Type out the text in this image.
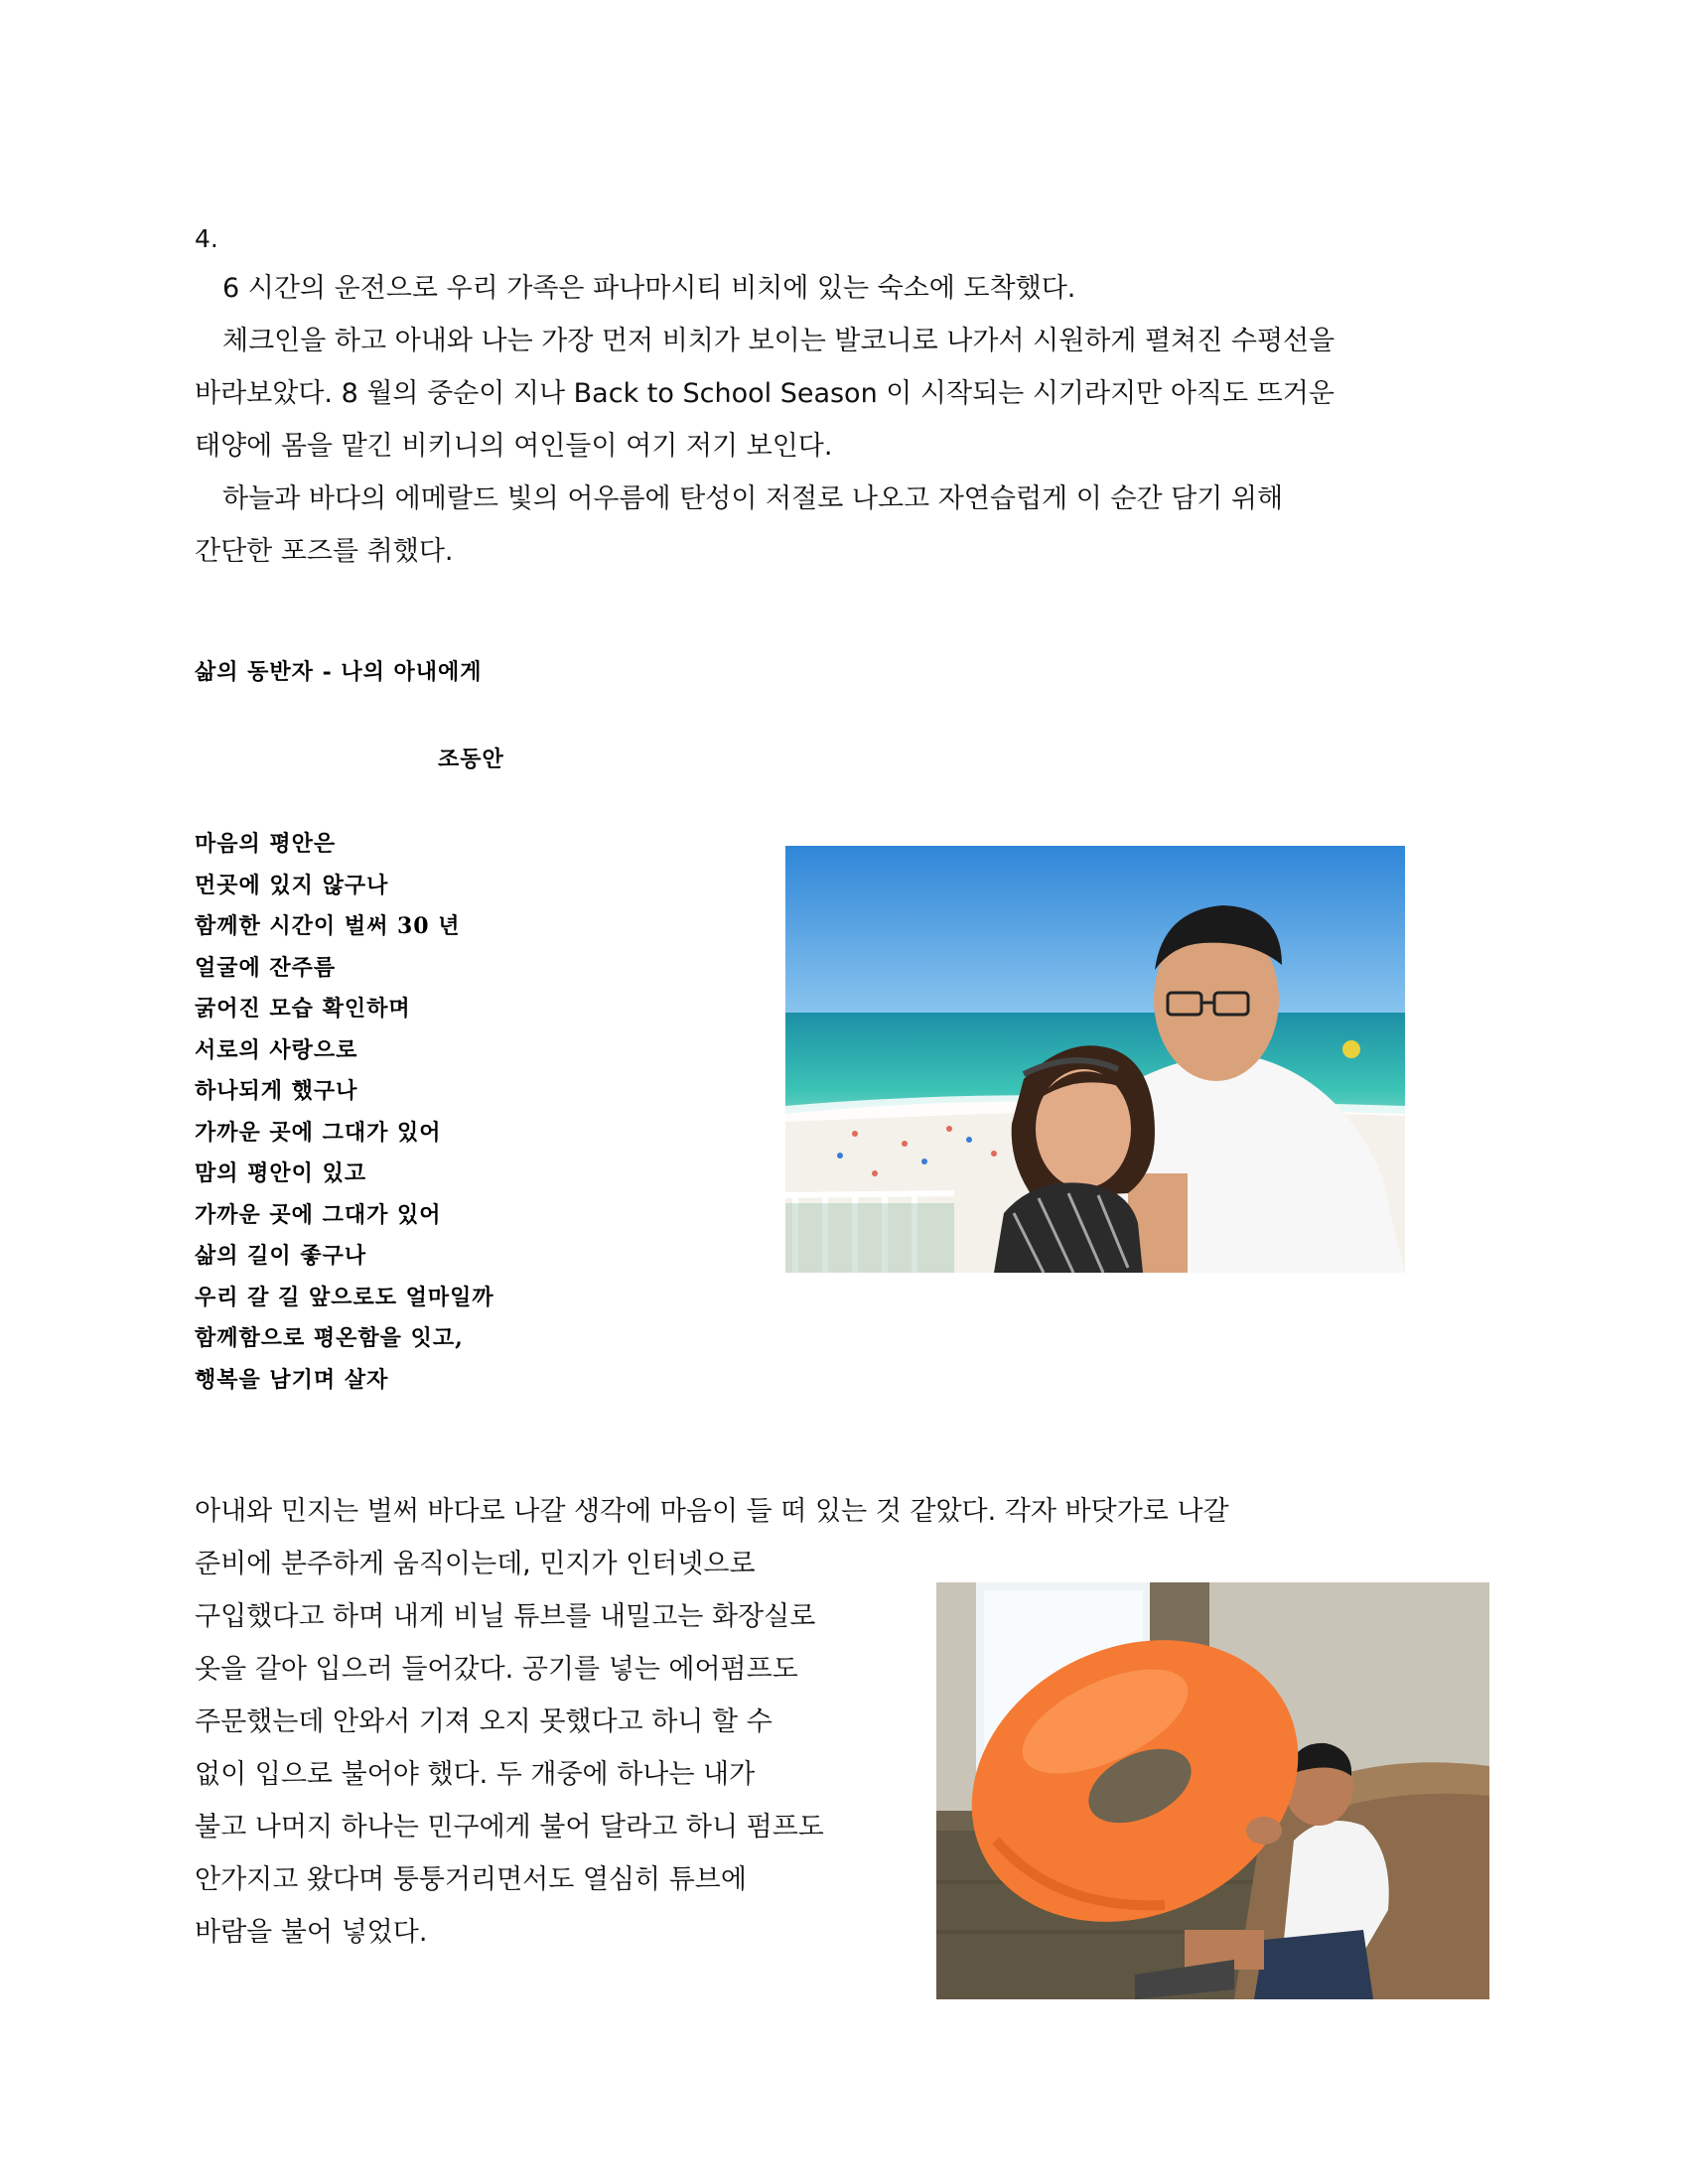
4.

6 시간의 운전으로 우리 가족은 파나마시티 비치에 있는 숙소에 도착했다.

체크인을 하고 아내와 나는 가장 먼저 비치가 보이는 발코니로 나가서 시원하게 펼쳐진 수평선을

바라보았다. 8 월의 중순이 지나 Back to School Season 이 시작되는 시기라지만 아직도 뜨거운

태양에 몸을 맡긴 비키니의 여인들이 여기 저기 보인다.

하늘과 바다의 에메랄드 빛의 어우름에 탄성이 저절로 나오고 자연습럽게 이 순간 담기 위해

간단한 포즈를 취했다.

삶의 동반자 - 나의 아내에게
조동안
마음의 평안은
먼곳에 있지 않구나
함께한 시간이 벌써 30 년
얼굴에 잔주름
굵어진 모습 확인하며
서로의 사랑으로
하나되게 했구나
가까운 곳에 그대가 있어
맘의 평안이 있고
가까운 곳에 그대가 있어
삶의 길이 좋구나
우리 갈 길 앞으로도 얼마일까
함께함으로 평온함을 잇고,
행복을 남기며 살자

아내와 민지는 벌써 바다로 나갈 생각에 마음이 들 떠 있는 것 같았다. 각자 바닷가로 나갈

준비에 분주하게 움직이는데, 민지가 인터넷으로

구입했다고 하며 내게 비닐 튜브를 내밀고는 화장실로

옷을 갈아 입으러 들어갔다. 공기를 넣는 에어펌프도

주문했는데 안와서 기져 오지 못했다고 하니 할 수

없이 입으로 불어야 했다. 두 개중에 하나는 내가

불고 나머지 하나는 민구에게 불어 달라고 하니 펌프도

안가지고 왔다며 퉁퉁거리면서도 열심히 튜브에

바람을 불어 넣었다.
